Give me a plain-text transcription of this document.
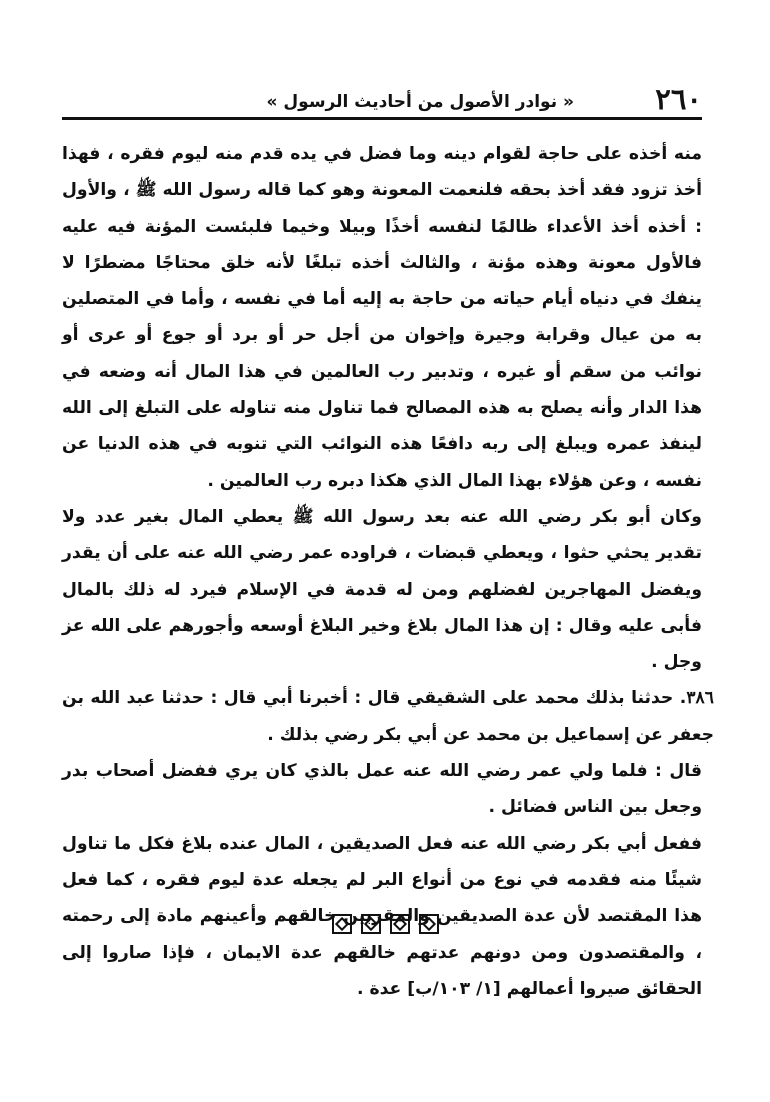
٢٦٠
« نوادر الأصول من أحاديث الرسول »

منه أخذه على حاجة لقوام دينه وما فضل في يده قدم منه ليوم فقره ، فهذا أخذ تزود فقد أخذ بحقه فلنعمت المعونة وهو كما قاله رسول الله ﷺ ، والأول : أخذه أخذ الأعداء ظالمًا لنفسه أخذًا وبيلا وخيما فلبئست المؤنة فيه عليه فالأول معونة وهذه مؤنة ، والثالث أخذه تبلغًا لأنه خلق محتاجًا مضطرًا لا ينفك في دنياه أيام حياته من حاجة به إليه أما في نفسه ، وأما في المتصلين به من عيال وقرابة وجيرة وإخوان من أجل حر أو برد أو جوع أو عرى أو نوائب من سقم أو غيره ، وتدبير رب العالمين في هذا المال أنه وضعه في هذا الدار وأنه يصلح به هذه المصالح فما تناول منه تناوله على التبلغ إلى الله لينفذ عمره ويبلغ إلى ربه دافعًا هذه النوائب التي تنوبه في هذه الدنيا عن نفسه ، وعن هؤلاء بهذا المال الذي هكذا دبره رب العالمين .

وكان أبو بكر رضي الله عنه بعد رسول الله ﷺ يعطي المال بغير عدد ولا تقدير يحثي حثوا ، ويعطي قبضات ، فراوده عمر رضي الله عنه على أن يقدر ويفضل المهاجرين لفضلهم ومن له قدمة في الإسلام فيرد له ذلك بالمال فأبى عليه وقال : إن هذا المال بلاغ وخير البلاغ أوسعه وأجورهم على الله عز وجل .

٣٨٦. حدثنا بذلك محمد على الشقيقي قال : أخبرنا أبي قال : حدثنا عبد الله بن جعفر عن إسماعيل بن محمد عن أبي بكر رضي بذلك .

قال : فلما ولي عمر رضي الله عنه عمل بالذي كان يري ففضل أصحاب بدر وجعل بين الناس فضائل .

ففعل أبي بكر رضي الله عنه فعل الصديقين ، المال عنده بلاغ فكل ما تناول شيئًا منه فقدمه في نوع من أنواع البر لم يجعله عدة ليوم فقره ، كما فعل هذا المقتصد لأن عدة الصديقين والمقربين خالقهم وأعينهم مادة إلى رحمته ، والمقتصدون ومن دونهم عدتهم خالقهم عدة الايمان ، فإذا صاروا إلى الحقائق صيروا أعمالهم [١/ ١٠٣/ب] عدة .
